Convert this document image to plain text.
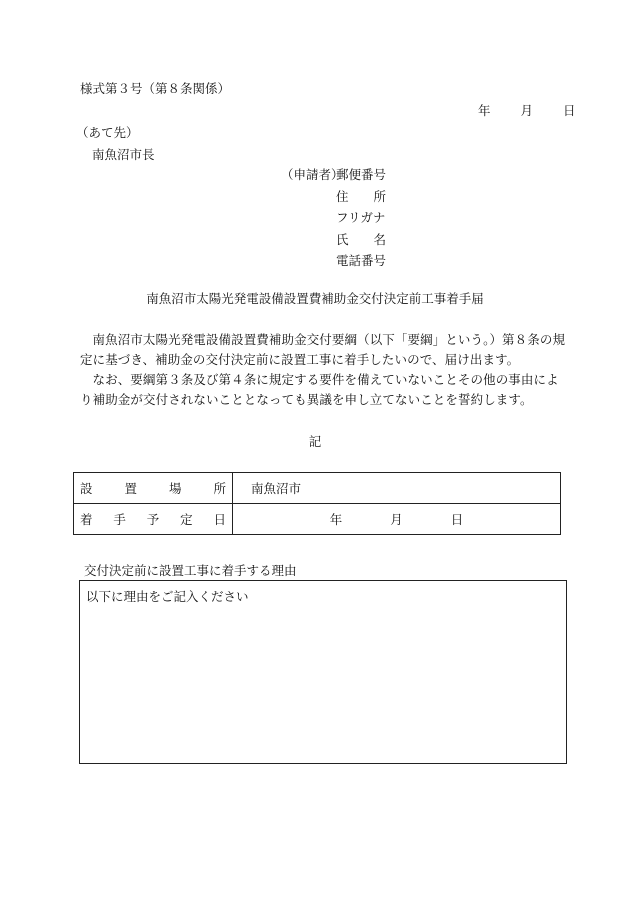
様式第３号（第８条関係）
年 月 日
（あて先）
南魚沼市長
（申請者）
郵便番号
住　　所
フリガナ
氏　　名
電話番号
南魚沼市太陽光発電設備設置費補助金交付決定前工事着手届

南魚沼市太陽光発電設備設置費補助金交付要綱（以下「要綱」という。）第８条の規定に基づき、補助金の交付決定前に設置工事に着手したいので、届け出ます。

なお、要綱第３条及び第４条に規定する要件を備えていないことその他の事由により補助金が交付されないこととなっても異議を申し立てないことを誓約します。

記
設 置 場 所	南魚沼市

着 手 予 定 日	年 月 日
交付決定前に設置工事に着手する理由
以下に理由をご記入ください
